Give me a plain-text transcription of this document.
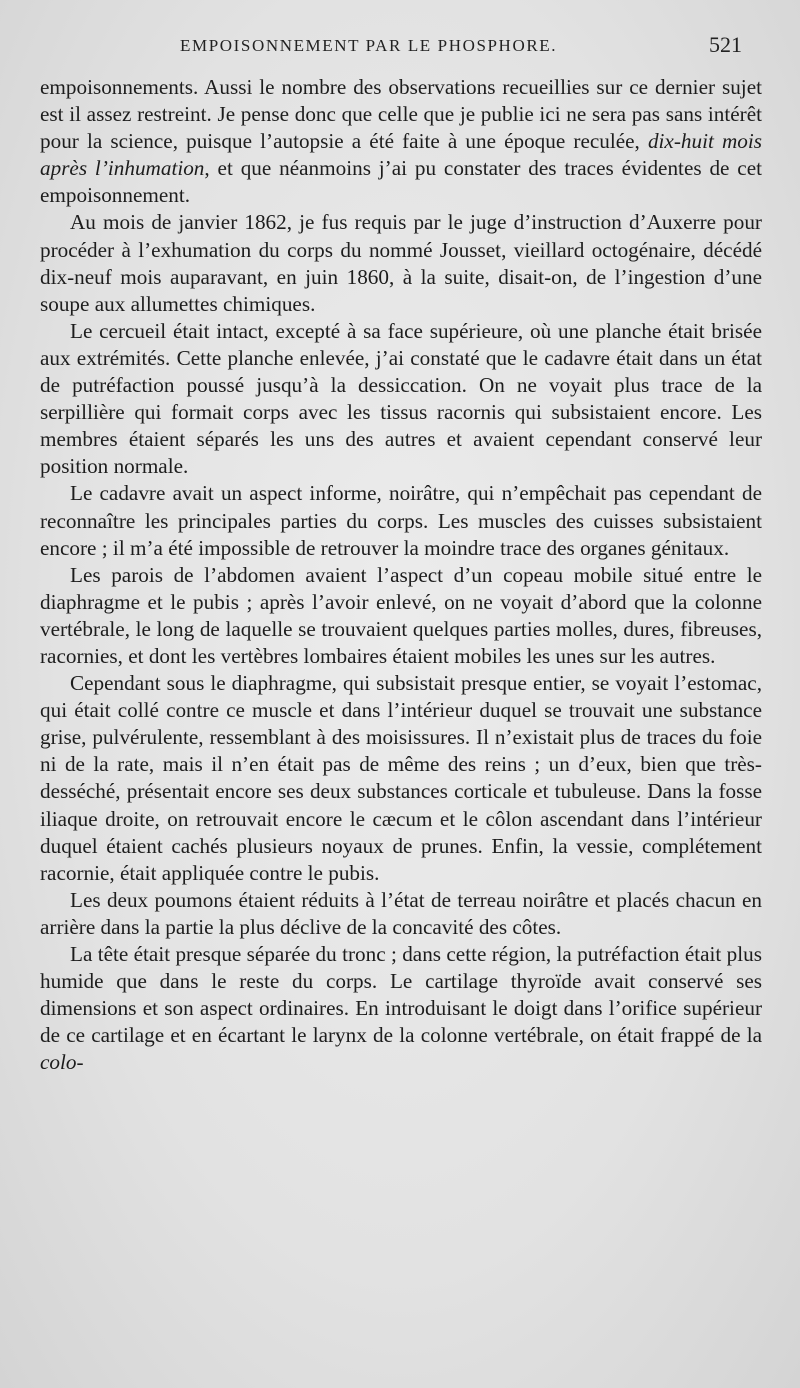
EMPOISONNEMENT PAR LE PHOSPHORE.	521

empoisonnements. Aussi le nombre des observations recueillies sur ce dernier sujet est il assez restreint. Je pense donc que celle que je publie ici ne sera pas sans intérêt pour la science, puisque l’autopsie a été faite à une époque reculée, dix-huit mois après l’inhumation, et que néanmoins j’ai pu constater des traces évidentes de cet empoisonnement.

Au mois de janvier 1862, je fus requis par le juge d’instruction d’Auxerre pour procéder à l’exhumation du corps du nommé Jousset, vieillard octogénaire, décédé dix-neuf mois auparavant, en juin 1860, à la suite, disait-on, de l’ingestion d’une soupe aux allumettes chimiques.

Le cercueil était intact, excepté à sa face supérieure, où une planche était brisée aux extrémités. Cette planche enlevée, j’ai constaté que le cadavre était dans un état de putréfaction poussé jusqu’à la dessiccation. On ne voyait plus trace de la serpillière qui formait corps avec les tissus racornis qui subsistaient encore. Les membres étaient séparés les uns des autres et avaient cependant conservé leur position normale.

Le cadavre avait un aspect informe, noirâtre, qui n’empêchait pas cependant de reconnaître les principales parties du corps. Les muscles des cuisses subsistaient encore ; il m’a été impossible de retrouver la moindre trace des organes génitaux.

Les parois de l’abdomen avaient l’aspect d’un copeau mobile situé entre le diaphragme et le pubis ; après l’avoir enlevé, on ne voyait d’abord que la colonne vertébrale, le long de laquelle se trouvaient quelques parties molles, dures, fibreuses, racornies, et dont les vertèbres lombaires étaient mobiles les unes sur les autres.

Cependant sous le diaphragme, qui subsistait presque entier, se voyait l’estomac, qui était collé contre ce muscle et dans l’intérieur duquel se trouvait une substance grise, pulvérulente, ressemblant à des moisissures. Il n’existait plus de traces du foie ni de la rate, mais il n’en était pas de même des reins ; un d’eux, bien que très-desséché, présentait encore ses deux substances corticale et tubuleuse. Dans la fosse iliaque droite, on retrouvait encore le cæcum et le côlon ascendant dans l’intérieur duquel étaient cachés plusieurs noyaux de prunes. Enfin, la vessie, complétement racornie, était appliquée contre le pubis.

Les deux poumons étaient réduits à l’état de terreau noirâtre et placés chacun en arrière dans la partie la plus déclive de la concavité des côtes.

La tête était presque séparée du tronc ; dans cette région, la putréfaction était plus humide que dans le reste du corps. Le cartilage thyroïde avait conservé ses dimensions et son aspect ordinaires. En introduisant le doigt dans l’orifice supérieur de ce cartilage et en écartant le larynx de la colonne vertébrale, on était frappé de la colo-
